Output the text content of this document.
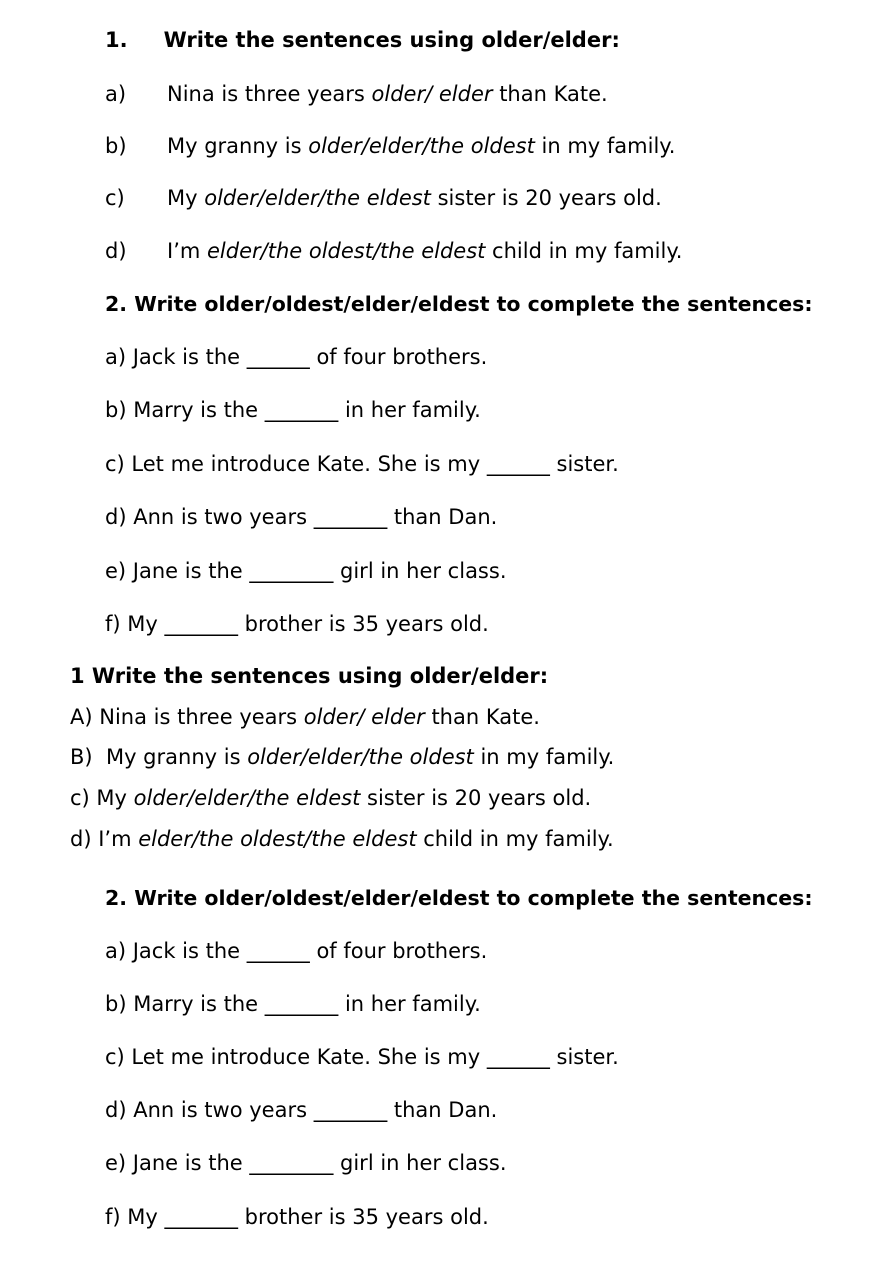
1. Write the sentences using older/elder:
a) Nina is three years older/ elder than Kate.
b) My granny is older/elder/the oldest in my family.
c) My older/elder/the eldest sister is 20 years old.
d) I’m elder/the oldest/the eldest child in my family.
2. Write older/oldest/elder/eldest to complete the sentences:
a) Jack is the ______ of four brothers.
b) Marry is the _______ in her family.
c) Let me introduce Kate. She is my ______ sister.
d) Ann is two years _______ than Dan.
e) Jane is the ________ girl in her class.
f) My _______ brother is 35 years old.
1 Write the sentences using older/elder:
A) Nina is three years older/ elder than Kate.
B)  My granny is older/elder/the oldest in my family.
c) My older/elder/the eldest sister is 20 years old.
d) I’m elder/the oldest/the eldest child in my family.
2. Write older/oldest/elder/eldest to complete the sentences:
a) Jack is the ______ of four brothers.
b) Marry is the _______ in her family.
c) Let me introduce Kate. She is my ______ sister.
d) Ann is two years _______ than Dan.
e) Jane is the ________ girl in her class.
f) My _______ brother is 35 years old.
